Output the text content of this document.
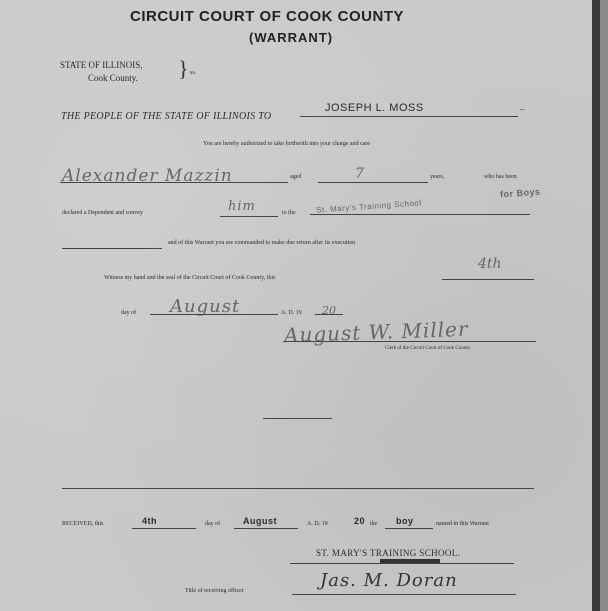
CIRCUIT COURT OF COOK COUNTY
(WARRANT)
STATE OF ILLINOIS,
Cook County. } ss.
THE PEOPLE OF THE STATE OF ILLINOIS TO
JOSEPH L. MOSS	–
You are hereby authorized to take forthwith into your charge and care
Alexander Mazzin	aged	7	years,	who has been
declared a Dependent and convey	him	to the	St. Mary's Training School
for Boys
and of this Warrant you are commanded to make due return after its execution
Witness my hand and the seal of the Circuit Court of Cook County, this
4th
day of August	A. D. 19 20
August W. Miller
Clerk of the Circuit Court of Cook County.
RECEIVED, this	4th	day of	August	A. D. 19	20 the boy	named in this Warrant
ST. MARY'S TRAINING SCHOOL.
Title of receiving officer	Jas. M. Doran
